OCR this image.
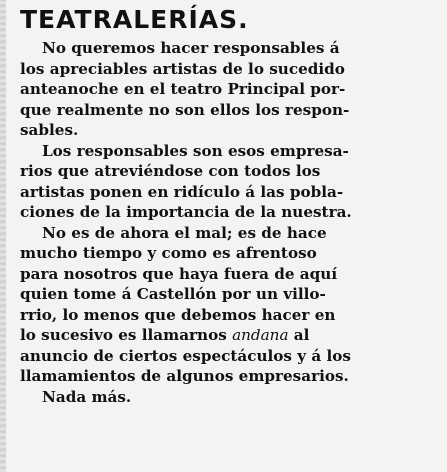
TEATRALERÍAS.
No queremos hacer responsables á
los apreciables artistas de lo sucedido
anteanoche en el teatro Principal por-
que realmente no son ellos los respon-
sables.
Los responsables son esos empresa-
rios que atreviéndose con todos los
artistas ponen en ridículo á las pobla-
ciones de la importancia de la nuestra.
No es de ahora el mal; es de hace
mucho tiempo y como es afrentoso
para nosotros que haya fuera de aquí
quien tome á Castellón por un villo-
rrio, lo menos que debemos hacer en
lo sucesivo es llamarnos andana al
anuncio de ciertos espectáculos y á los
llamamientos de algunos empresarios.
Nada más.
